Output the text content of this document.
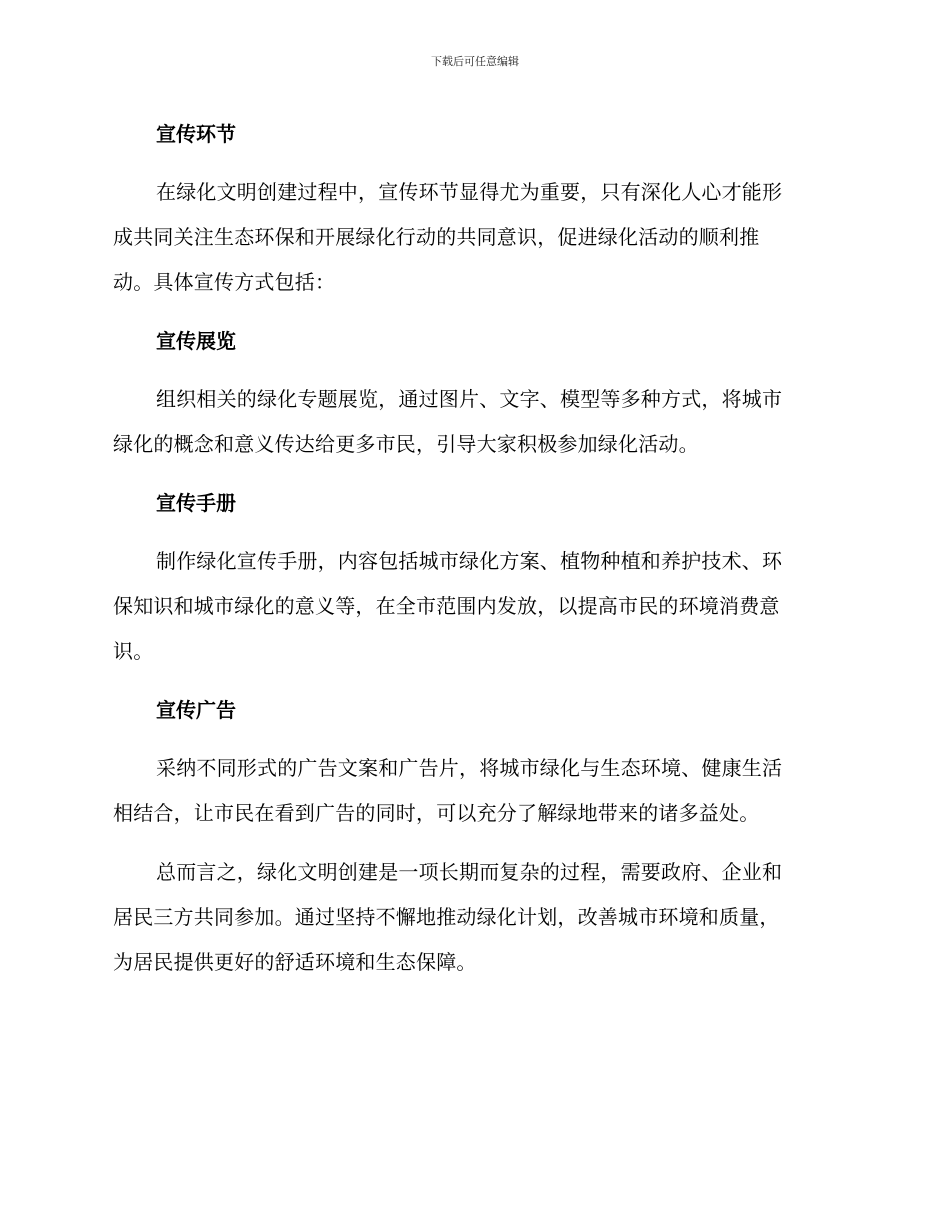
下载后可任意编辑
宣传环节
在绿化文明创建过程中，宣传环节显得尤为重要，只有深化人心才能形
成共同关注生态环保和开展绿化行动的共同意识，促进绿化活动的顺利推
动。具体宣传方式包括：
宣传展览
组织相关的绿化专题展览，通过图片、文字、模型等多种方式，将城市
绿化的概念和意义传达给更多市民，引导大家积极参加绿化活动。
宣传手册
制作绿化宣传手册，内容包括城市绿化方案、植物种植和养护技术、环
保知识和城市绿化的意义等，在全市范围内发放，以提高市民的环境消费意
识。
宣传广告
采纳不同形式的广告文案和广告片，将城市绿化与生态环境、健康生活
相结合，让市民在看到广告的同时，可以充分了解绿地带来的诸多益处。
总而言之，绿化文明创建是一项长期而复杂的过程，需要政府、企业和
居民三方共同参加。通过坚持不懈地推动绿化计划，改善城市环境和质量，
为居民提供更好的舒适环境和生态保障。
